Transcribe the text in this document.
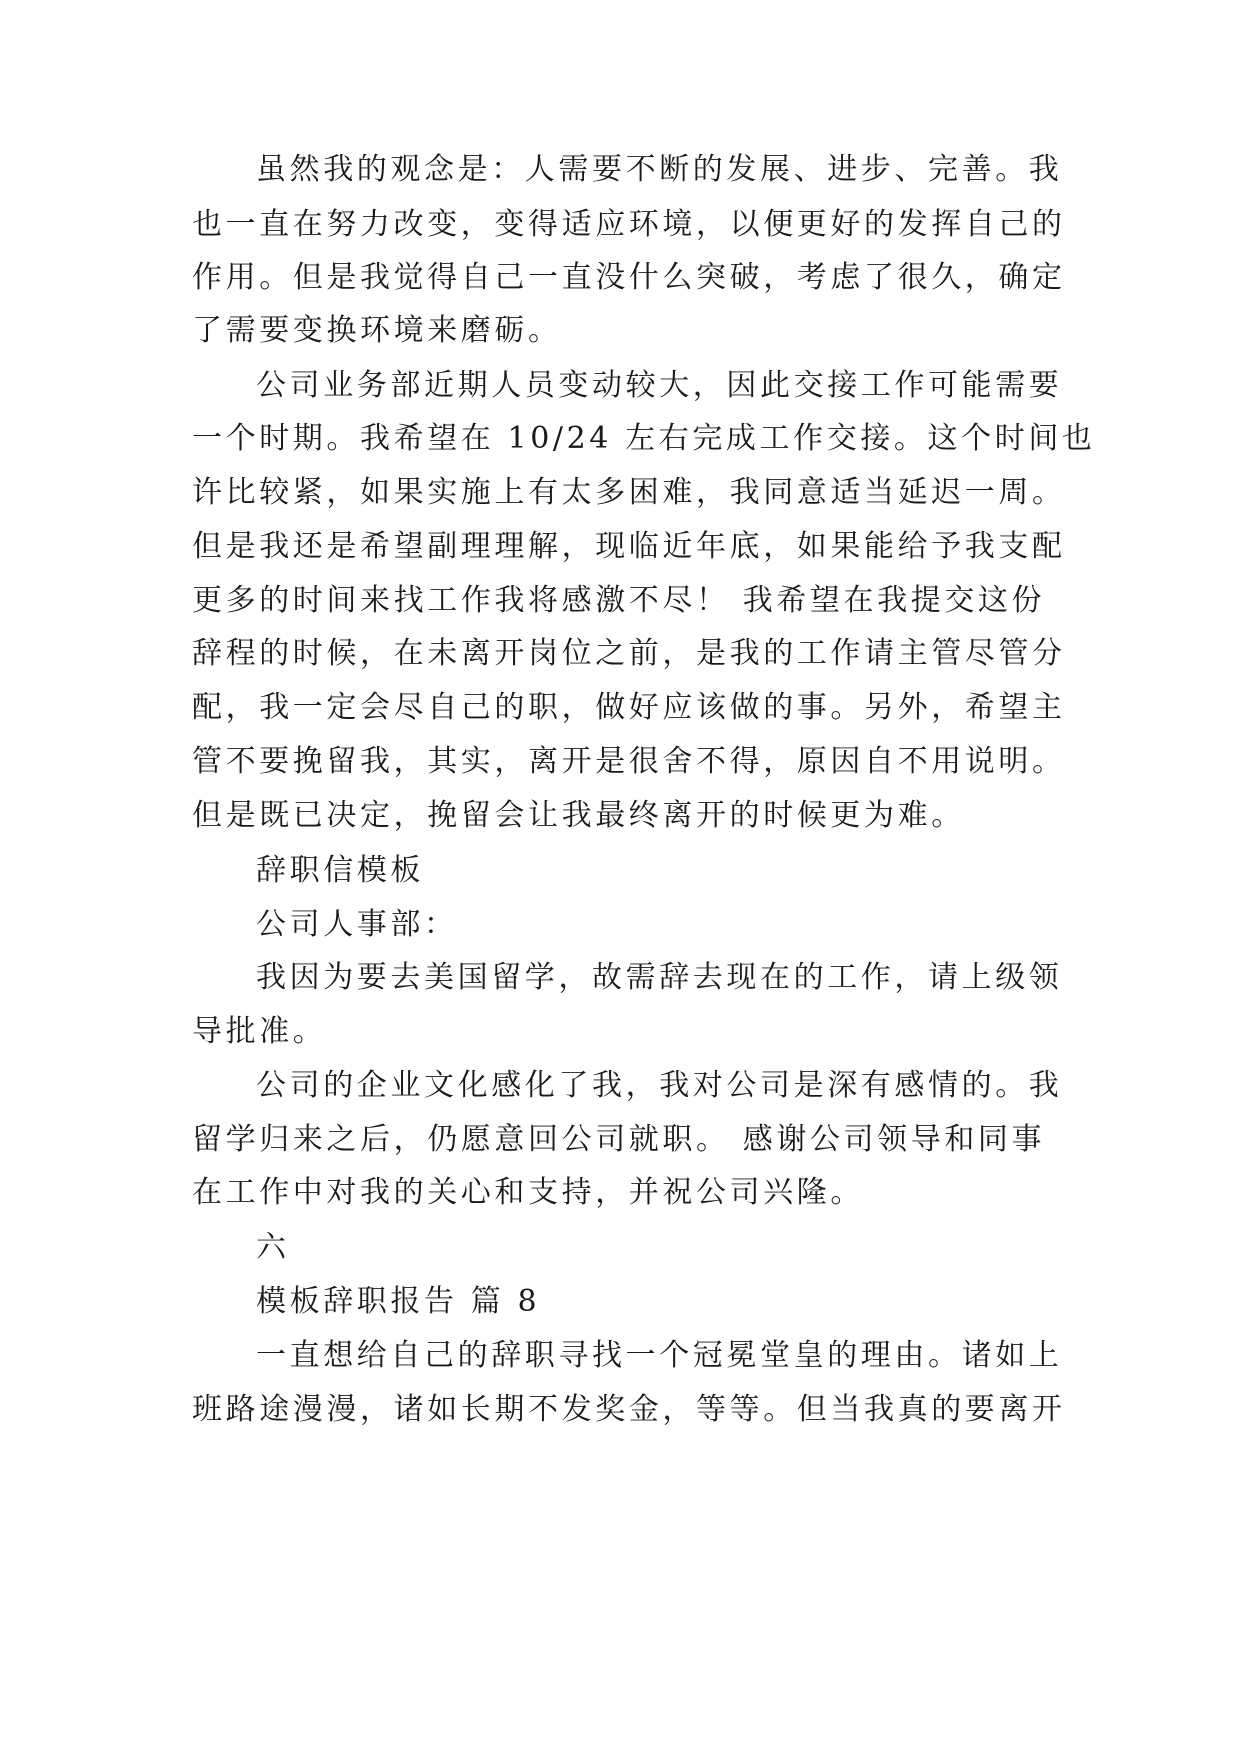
虽然我的观念是：人需要不断的发展、进步、完善。我

也一直在努力改变，变得适应环境，以便更好的发挥自己的

作用。但是我觉得自己一直没什么突破，考虑了很久，确定

了需要变换环境来磨砺。

公司业务部近期人员变动较大，因此交接工作可能需要

一个时期。我希望在 10/24 左右完成工作交接。这个时间也

许比较紧，如果实施上有太多困难，我同意适当延迟一周。

但是我还是希望副理理解，现临近年底，如果能给予我支配

更多的时间来找工作我将感激不尽！ 我希望在我提交这份

辞程的时候，在未离开岗位之前，是我的工作请主管尽管分

配，我一定会尽自己的职，做好应该做的事。另外，希望主

管不要挽留我，其实，离开是很舍不得，原因自不用说明。

但是既已决定，挽留会让我最终离开的时候更为难。

辞职信模板

公司人事部：

我因为要去美国留学，故需辞去现在的工作，请上级领

导批准。

公司的企业文化感化了我，我对公司是深有感情的。我

留学归来之后，仍愿意回公司就职。 感谢公司领导和同事

在工作中对我的关心和支持，并祝公司兴隆。

六

模板辞职报告 篇 8

一直想给自己的辞职寻找一个冠冕堂皇的理由。诸如上

班路途漫漫，诸如长期不发奖金，等等。但当我真的要离开
